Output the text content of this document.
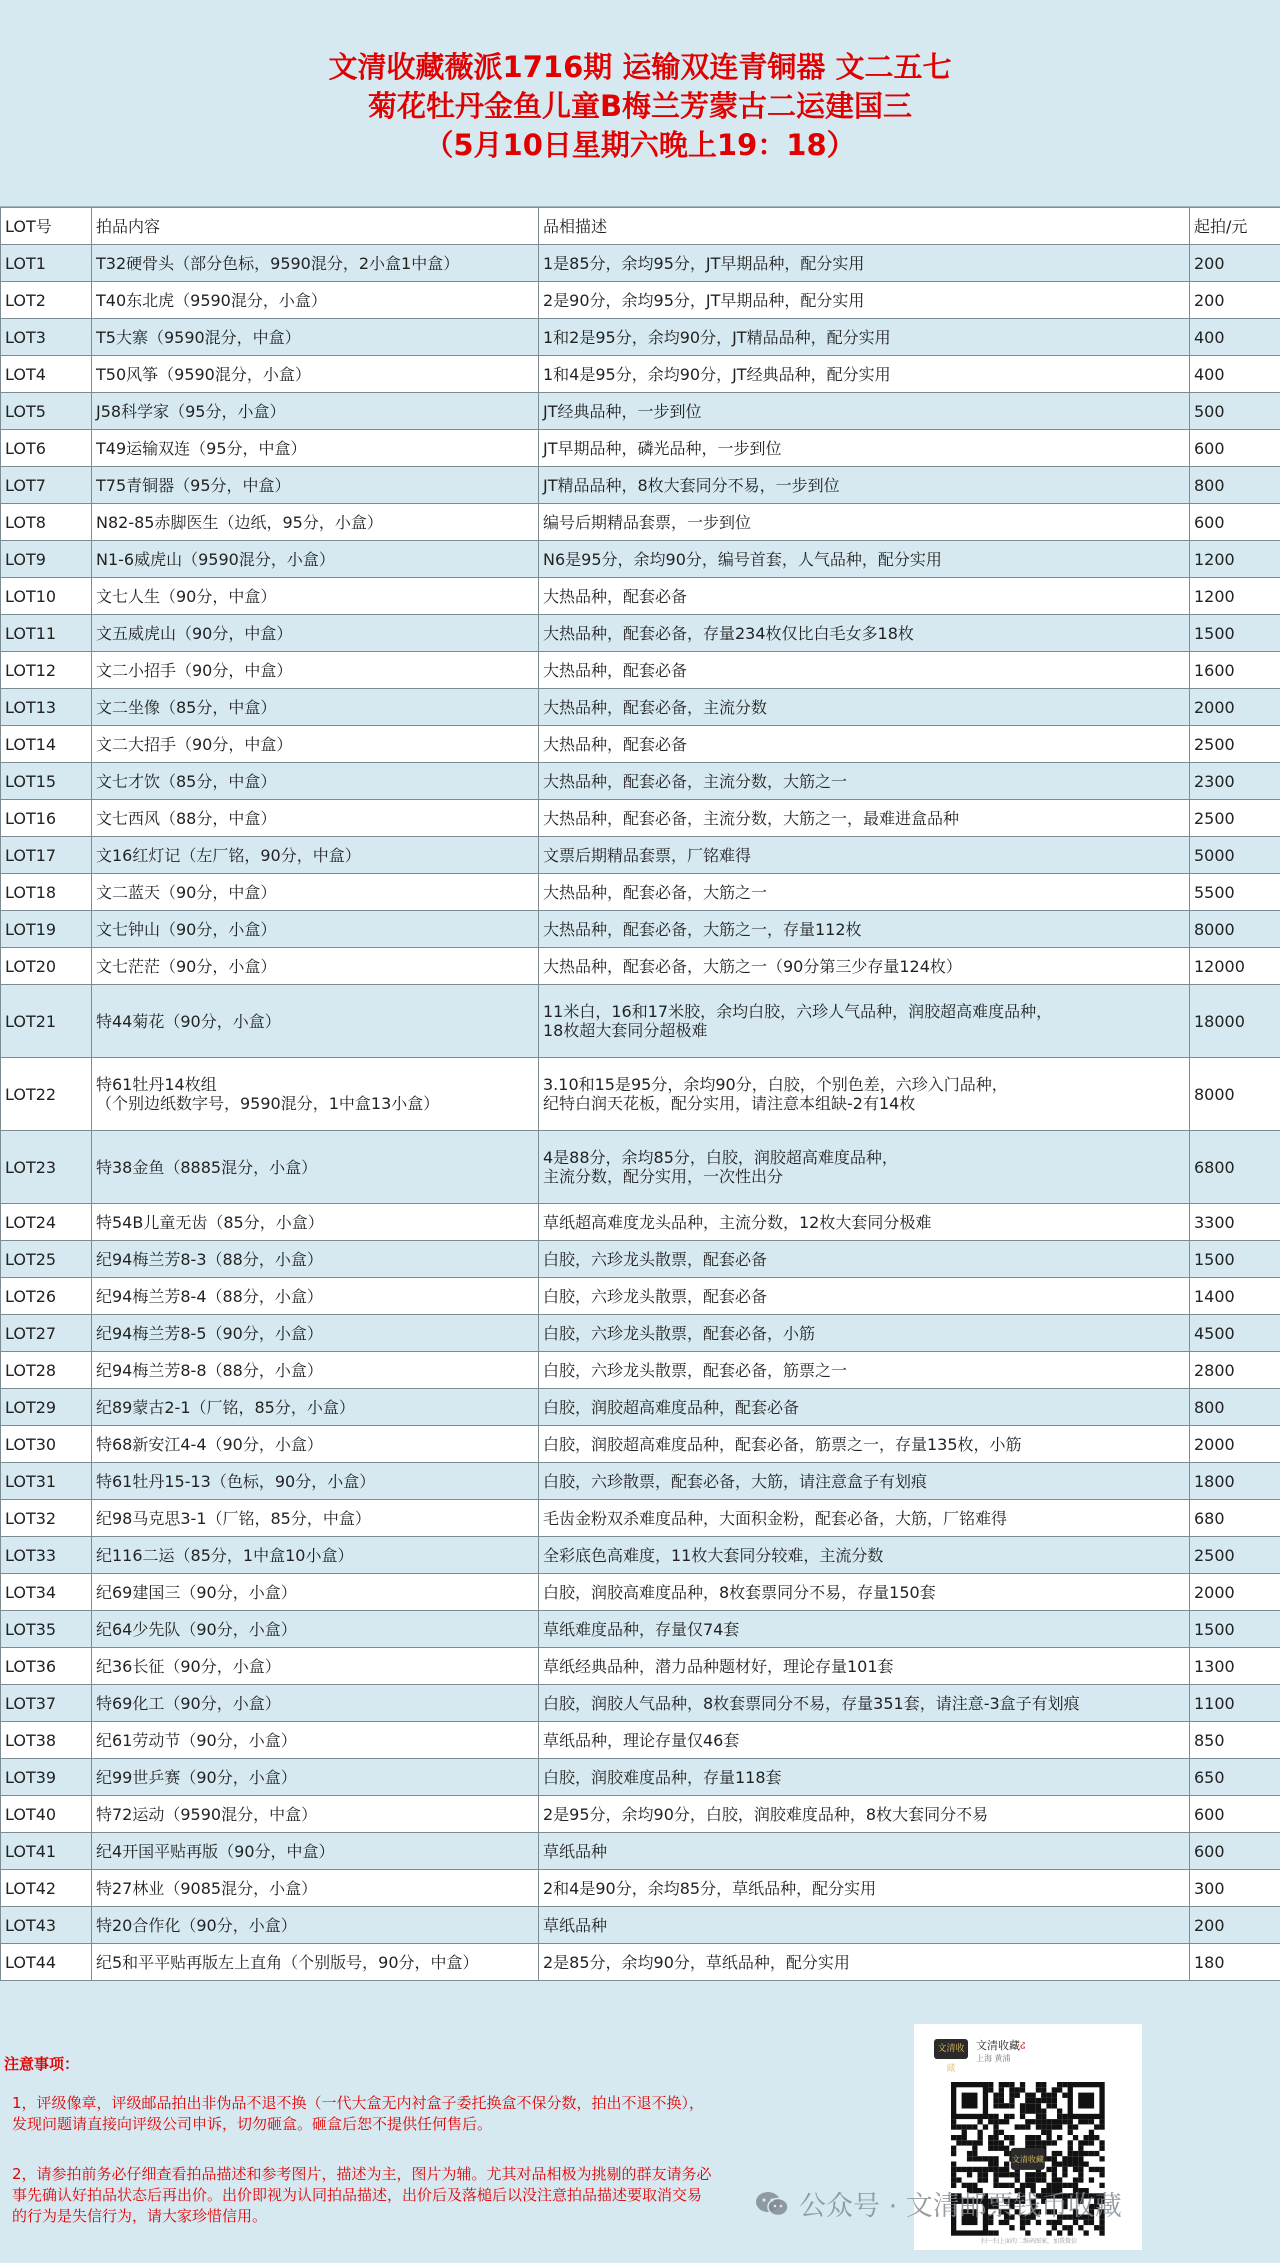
文清收藏薇派1716期 运输双连青铜器 文二五七
菊花牡丹金鱼儿童B梅兰芳蒙古二运建国三
（5月10日星期六晚上19：18）
LOT号	拍品内容	品相描述	起拍/元
LOT1	T32硬骨头（部分色标，9590混分，2小盒1中盒）	1是85分，余均95分，JT早期品种，配分实用	200
LOT2	T40东北虎（9590混分，小盒）	2是90分，余均95分，JT早期品种，配分实用	200
LOT3	T5大寨（9590混分，中盒）	1和2是95分，余均90分，JT精品品种，配分实用	400
LOT4	T50风筝（9590混分，小盒）	1和4是95分，余均90分，JT经典品种，配分实用	400
LOT5	J58科学家（95分，小盒）	JT经典品种，一步到位	500
LOT6	T49运输双连（95分，中盒）	JT早期品种，磷光品种，一步到位	600
LOT7	T75青铜器（95分，中盒）	JT精品品种，8枚大套同分不易，一步到位	800
LOT8	N82-85赤脚医生（边纸，95分，小盒）	编号后期精品套票，一步到位	600
LOT9	N1-6威虎山（9590混分，小盒）	N6是95分，余均90分，编号首套，人气品种，配分实用	1200
LOT10	文七人生（90分，中盒）	大热品种，配套必备	1200
LOT11	文五威虎山（90分，中盒）	大热品种，配套必备，存量234枚仅比白毛女多18枚	1500
LOT12	文二小招手（90分，中盒）	大热品种，配套必备	1600
LOT13	文二坐像（85分，中盒）	大热品种，配套必备，主流分数	2000
LOT14	文二大招手（90分，中盒）	大热品种，配套必备	2500
LOT15	文七才饮（85分，中盒）	大热品种，配套必备，主流分数，大筋之一	2300
LOT16	文七西风（88分，中盒）	大热品种，配套必备，主流分数，大筋之一，最难进盒品种	2500
LOT17	文16红灯记（左厂铭，90分，中盒）	文票后期精品套票，厂铭难得	5000
LOT18	文二蓝天（90分，中盒）	大热品种，配套必备，大筋之一	5500
LOT19	文七钟山（90分，小盒）	大热品种，配套必备，大筋之一，存量112枚	8000
LOT20	文七茫茫（90分，小盒）	大热品种，配套必备，大筋之一（90分第三少存量124枚）	12000
LOT21	特44菊花（90分，小盒）	11米白，16和17米胶，余均白胶，六珍人气品种，润胶超高难度品种，
18枚超大套同分超极难	18000
LOT22	特61牡丹14枚组
（个别边纸数字号，9590混分，1中盒13小盒）	3.10和15是95分，余均90分，白胶，个别色差，六珍入门品种，
纪特白润天花板，配分实用，请注意本组缺-2有14枚	8000
LOT23	特38金鱼（8885混分，小盒）	4是88分，余均85分，白胶，润胶超高难度品种，
主流分数，配分实用，一次性出分	6800
LOT24	特54B儿童无齿（85分，小盒）	草纸超高难度龙头品种，主流分数，12枚大套同分极难	3300
LOT25	纪94梅兰芳8-3（88分，小盒）	白胶，六珍龙头散票，配套必备	1500
LOT26	纪94梅兰芳8-4（88分，小盒）	白胶，六珍龙头散票，配套必备	1400
LOT27	纪94梅兰芳8-5（90分，小盒）	白胶，六珍龙头散票，配套必备，小筋	4500
LOT28	纪94梅兰芳8-8（88分，小盒）	白胶，六珍龙头散票，配套必备，筋票之一	2800
LOT29	纪89蒙古2-1（厂铭，85分，小盒）	白胶，润胶超高难度品种，配套必备	800
LOT30	特68新安江4-4（90分，小盒）	白胶，润胶超高难度品种，配套必备，筋票之一，存量135枚，小筋	2000
LOT31	特61牡丹15-13（色标，90分，小盒）	白胶，六珍散票，配套必备，大筋，请注意盒子有划痕	1800
LOT32	纪98马克思3-1（厂铭，85分，中盒）	毛齿金粉双杀难度品种，大面积金粉，配套必备，大筋，厂铭难得	680
LOT33	纪116二运（85分，1中盒10小盒）	全彩底色高难度，11枚大套同分较难，主流分数	2500
LOT34	纪69建国三（90分，小盒）	白胶，润胶高难度品种，8枚套票同分不易，存量150套	2000
LOT35	纪64少先队（90分，小盒）	草纸难度品种，存量仅74套	1500
LOT36	纪36长征（90分，小盒）	草纸经典品种，潜力品种题材好，理论存量101套	1300
LOT37	特69化工（90分，小盒）	白胶，润胶人气品种，8枚套票同分不易，存量351套，请注意-3盒子有划痕	1100
LOT38	纪61劳动节（90分，小盒）	草纸品种，理论存量仅46套	850
LOT39	纪99世乒赛（90分，小盒）	白胶，润胶难度品种，存量118套	650
LOT40	特72运动（9590混分，中盒）	2是95分，余均90分，白胶，润胶难度品种，8枚大套同分不易	600
LOT41	纪4开国平贴再版（90分，中盒）	草纸品种	600
LOT42	特27林业（9085混分，小盒）	2和4是90分，余均85分，草纸品种，配分实用	300
LOT43	特20合作化（90分，小盒）	草纸品种	200
LOT44	纪5和平平贴再版左上直角（个别版号，90分，中盒）	2是85分，余均90分，草纸品种，配分实用	180
注意事项：
1，评级像章，评级邮品拍出非伪品不退不换（一代大盒无内衬盒子委托换盒不保分数，拍出不退不换），发现问题请直接向评级公司申诉，切勿砸盒。砸盒后恕不提供任何售后。
2，请参拍前务必仔细查看拍品描述和参考图片，描述为主，图片为辅。尤其对品相极为挑剔的群友请务必事先确认好拍品状态后再出价。出价即视为认同拍品描述，出价后及落槌后以没注意拍品描述要取消交易的行为是失信行为，请大家珍惜信用。
文清收藏
文清收藏ઢ
上海 黄浦
文清收藏
扫一扫上面的二维码图案，加我微信
公众号 · 文清邮票钱币收藏
